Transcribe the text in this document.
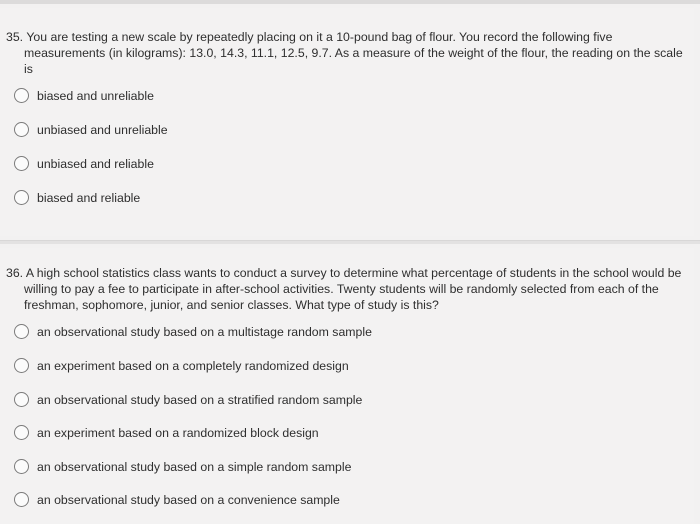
35. You are testing a new scale by repeatedly placing on it a 10-pound bag of flour. You record the following five measurements (in kilograms): 13.0, 14.3, 11.1, 12.5, 9.7. As a measure of the weight of the flour, the reading on the scale is
biased and unreliable
unbiased and unreliable
unbiased and reliable
biased and reliable
36. A high school statistics class wants to conduct a survey to determine what percentage of students in the school would be willing to pay a fee to participate in after-school activities. Twenty students will be randomly selected from each of the freshman, sophomore, junior, and senior classes. What type of study is this?
an observational study based on a multistage random sample
an experiment based on a completely randomized design
an observational study based on a stratified random sample
an experiment based on a randomized block design
an observational study based on a simple random sample
an observational study based on a convenience sample
